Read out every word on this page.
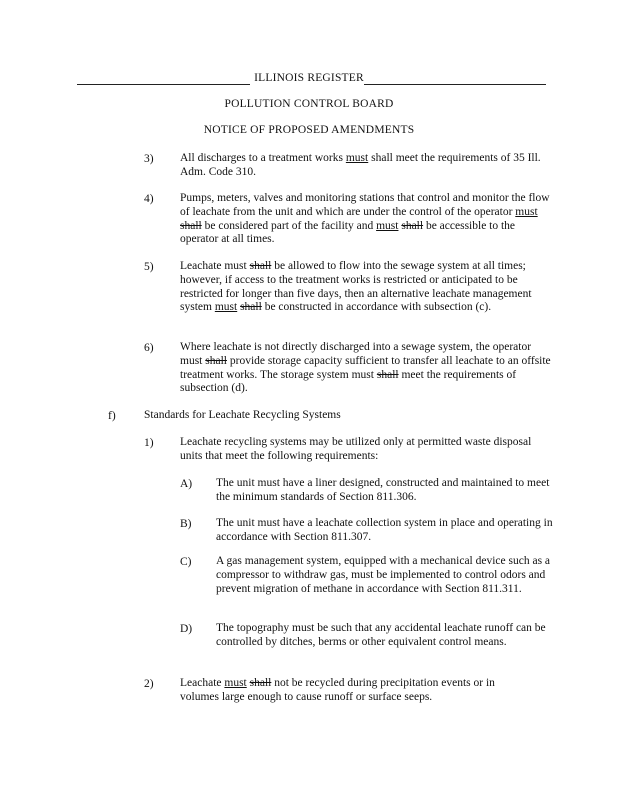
ILLINOIS REGISTER
POLLUTION CONTROL BOARD
NOTICE OF PROPOSED AMENDMENTS
3) All discharges to a treatment works must shall meet the requirements of 35 Ill. Adm. Code 310.
4) Pumps, meters, valves and monitoring stations that control and monitor the flow of leachate from the unit and which are under the control of the operator must shall be considered part of the facility and must shall be accessible to the operator at all times.
5) Leachate must shall be allowed to flow into the sewage system at all times; however, if access to the treatment works is restricted or anticipated to be restricted for longer than five days, then an alternative leachate management system must shall be constructed in accordance with subsection (c).
6) Where leachate is not directly discharged into a sewage system, the operator must shall provide storage capacity sufficient to transfer all leachate to an offsite treatment works. The storage system must shall meet the requirements of subsection (d).
f) Standards for Leachate Recycling Systems
1) Leachate recycling systems may be utilized only at permitted waste disposal units that meet the following requirements:
A) The unit must have a liner designed, constructed and maintained to meet the minimum standards of Section 811.306.
B) The unit must have a leachate collection system in place and operating in accordance with Section 811.307.
C) A gas management system, equipped with a mechanical device such as a compressor to withdraw gas, must be implemented to control odors and prevent migration of methane in accordance with Section 811.311.
D) The topography must be such that any accidental leachate runoff can be controlled by ditches, berms or other equivalent control means.
2) Leachate must shall not be recycled during precipitation events or in volumes large enough to cause runoff or surface seeps.
